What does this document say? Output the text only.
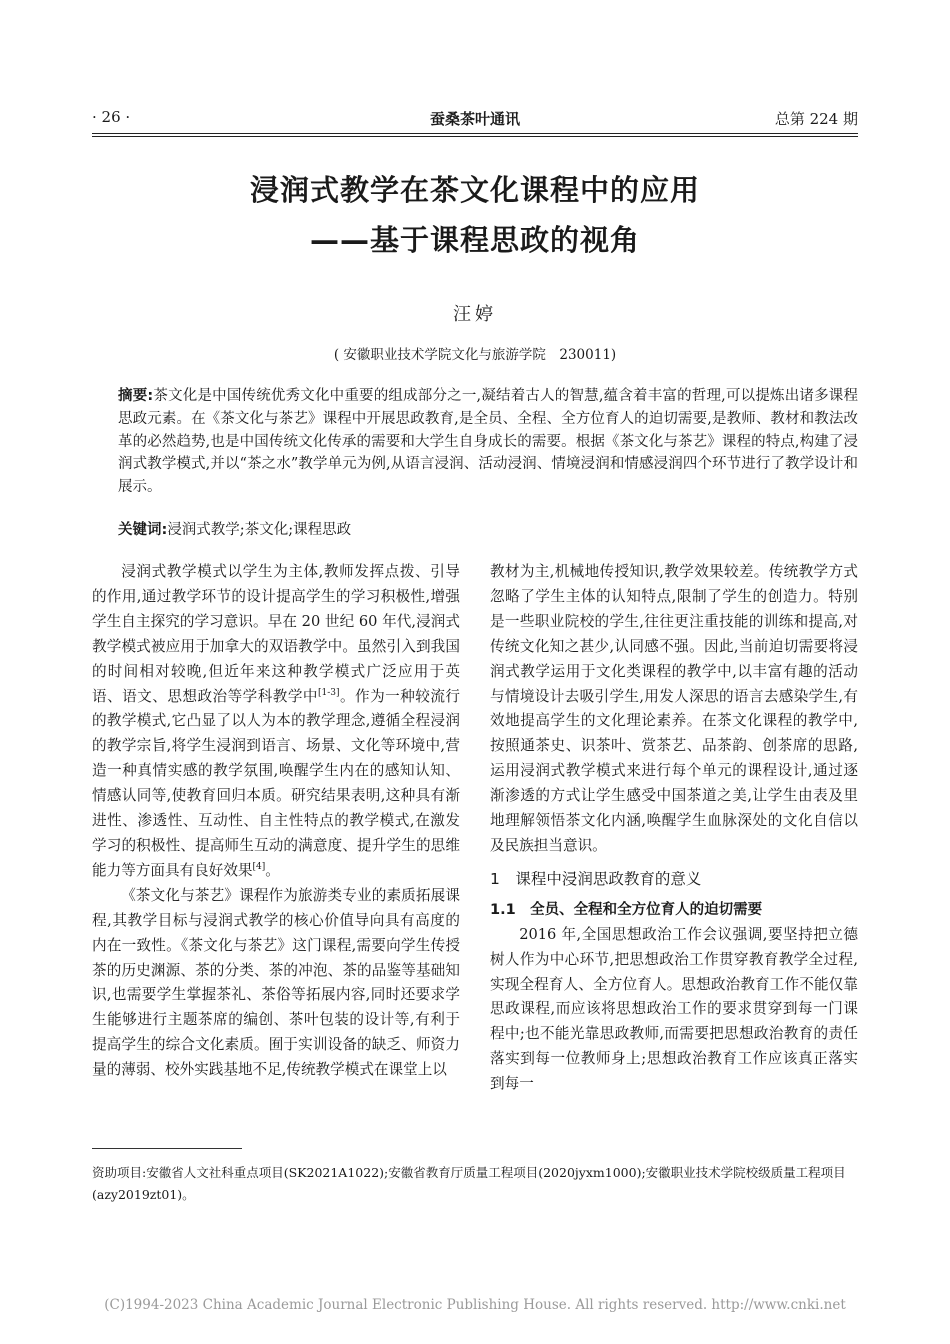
· 26 ·	蚕桑茶叶通讯	总第 224 期
浸润式教学在茶文化课程中的应用
——基于课程思政的视角
汪婷
( 安徽职业技术学院文化与旅游学院　230011)
摘要:茶文化是中国传统优秀文化中重要的组成部分之一,凝结着古人的智慧,蕴含着丰富的哲理,可以提炼出诸多课程思政元素。在《茶文化与茶艺》课程中开展思政教育,是全员、全程、全方位育人的迫切需要,是教师、教材和教法改革的必然趋势,也是中国传统文化传承的需要和大学生自身成长的需要。根据《茶文化与茶艺》课程的特点,构建了浸润式教学模式,并以“茶之水”教学单元为例,从语言浸润、活动浸润、情境浸润和情感浸润四个环节进行了教学设计和展示。
关键词:浸润式教学;茶文化;课程思政

浸润式教学模式以学生为主体,教师发挥点拨、引导的作用,通过教学环节的设计提高学生的学习积极性,增强学生自主探究的学习意识。早在 20 世纪 60 年代,浸润式教学模式被应用于加拿大的双语教学中。虽然引入到我国的时间相对较晚,但近年来这种教学模式广泛应用于英语、语文、思想政治等学科教学中[1-3]。作为一种较流行的教学模式,它凸显了以人为本的教学理念,遵循全程浸润的教学宗旨,将学生浸润到语言、场景、文化等环境中,营造一种真情实感的教学氛围,唤醒学生内在的感知认知、情感认同等,使教育回归本质。研究结果表明,这种具有渐进性、渗透性、互动性、自主性特点的教学模式,在激发学习的积极性、提高师生互动的满意度、提升学生的思维能力等方面具有良好效果[4]。

《茶文化与茶艺》课程作为旅游类专业的素质拓展课程,其教学目标与浸润式教学的核心价值导向具有高度的内在一致性。《茶文化与茶艺》这门课程,需要向学生传授茶的历史渊源、茶的分类、茶的冲泡、茶的品鉴等基础知识,也需要学生掌握茶礼、茶俗等拓展内容,同时还要求学生能够进行主题茶席的编创、茶叶包装的设计等,有利于提高学生的综合文化素质。囿于实训设备的缺乏、师资力量的薄弱、校外实践基地不足,传统教学模式在课堂上以

教材为主,机械地传授知识,教学效果较差。传统教学方式忽略了学生主体的认知特点,限制了学生的创造力。特别是一些职业院校的学生,往往更注重技能的训练和提高,对传统文化知之甚少,认同感不强。因此,当前迫切需要将浸润式教学运用于文化类课程的教学中,以丰富有趣的活动与情境设计去吸引学生,用发人深思的语言去感染学生,有效地提高学生的文化理论素养。在茶文化课程的教学中,按照通茶史、识茶叶、赏茶艺、品茶韵、创茶席的思路,运用浸润式教学模式来进行每个单元的课程设计,通过逐渐渗透的方式让学生感受中国茶道之美,让学生由表及里地理解领悟茶文化内涵,唤醒学生血脉深处的文化自信以及民族担当意识。

1　课程中浸润思政教育的意义
1.1　全员、全程和全方位育人的迫切需要

2016 年,全国思想政治工作会议强调,要坚持把立德树人作为中心环节,把思想政治工作贯穿教育教学全过程,实现全程育人、全方位育人。思想政治教育工作不能仅靠思政课程,而应该将思想政治工作的要求贯穿到每一门课程中;也不能光靠思政教师,而需要把思想政治教育的责任落实到每一位教师身上;思想政治教育工作应该真正落实到每一

资助项目:安徽省人文社科重点项目(SK2021A1022);安徽省教育厅质量工程项目(2020jyxm1000);安徽职业技术学院校级质量工程项目(azy2019zt01)。
(C)1994-2023 China Academic Journal Electronic Publishing House. All rights reserved. http://www.cnki.net
